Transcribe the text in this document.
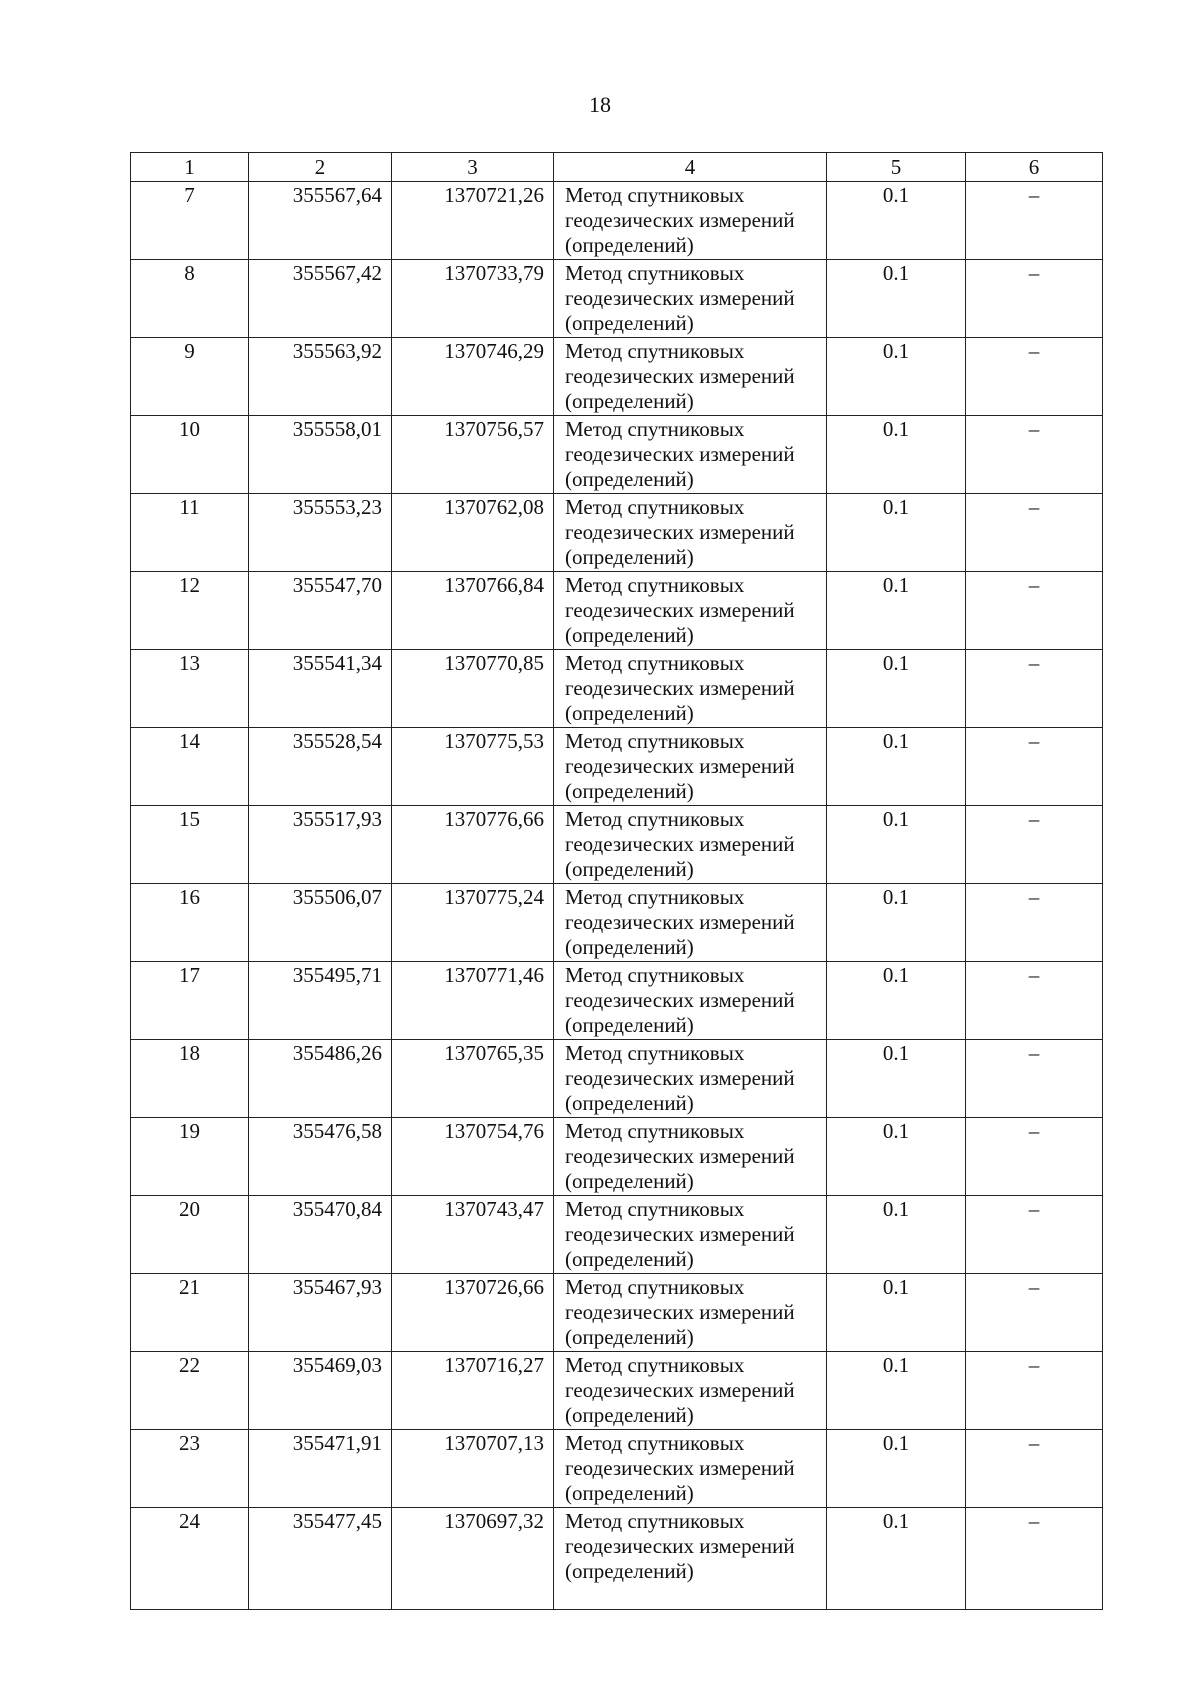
18
1	2	3	4	5	6
7	355567,64	1370721,26	Метод спутниковых
геодезических измерений
(определений)	0.1	–
8	355567,42	1370733,79	Метод спутниковых
геодезических измерений
(определений)	0.1	–
9	355563,92	1370746,29	Метод спутниковых
геодезических измерений
(определений)	0.1	–
10	355558,01	1370756,57	Метод спутниковых
геодезических измерений
(определений)	0.1	–
11	355553,23	1370762,08	Метод спутниковых
геодезических измерений
(определений)	0.1	–
12	355547,70	1370766,84	Метод спутниковых
геодезических измерений
(определений)	0.1	–
13	355541,34	1370770,85	Метод спутниковых
геодезических измерений
(определений)	0.1	–
14	355528,54	1370775,53	Метод спутниковых
геодезических измерений
(определений)	0.1	–
15	355517,93	1370776,66	Метод спутниковых
геодезических измерений
(определений)	0.1	–
16	355506,07	1370775,24	Метод спутниковых
геодезических измерений
(определений)	0.1	–
17	355495,71	1370771,46	Метод спутниковых
геодезических измерений
(определений)	0.1	–
18	355486,26	1370765,35	Метод спутниковых
геодезических измерений
(определений)	0.1	–
19	355476,58	1370754,76	Метод спутниковых
геодезических измерений
(определений)	0.1	–
20	355470,84	1370743,47	Метод спутниковых
геодезических измерений
(определений)	0.1	–
21	355467,93	1370726,66	Метод спутниковых
геодезических измерений
(определений)	0.1	–
22	355469,03	1370716,27	Метод спутниковых
геодезических измерений
(определений)	0.1	–
23	355471,91	1370707,13	Метод спутниковых
геодезических измерений
(определений)	0.1	–
24	355477,45	1370697,32	Метод спутниковых
геодезических измерений
(определений)	0.1	–
